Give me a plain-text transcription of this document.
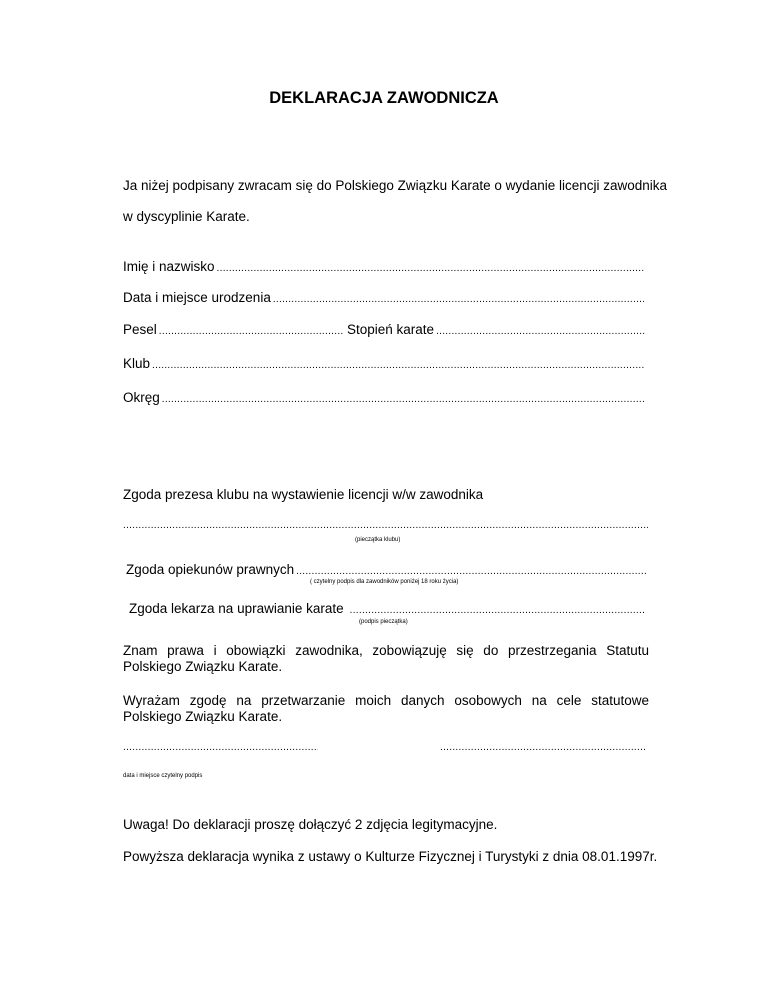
DEKLARACJA ZAWODNICZA
Ja niżej podpisany zwracam się do Polskiego Związku Karate o wydanie licencji zawodnika
w dyscyplinie Karate.
Imię i nazwisko
.....
Data i miejsce urodzenia
.....
Pesel
.....	Stopień karate
.....
Klub
.....
Okręg
.....
Zgoda prezesa klubu na wystawienie licencji w/w zawodnika
.....
(pieczątka klubu)
Zgoda opiekunów prawnych
.....
( czytelny podpis dla zawodników poniżej 18 roku życia)
Zgoda lekarza na uprawianie karate
.....
(podpis pieczątka)
Znam prawa i obowiązki zawodnika, zobowiązuję się do przestrzegania Statutu Polskiego Związku Karate.
Wyrażam zgodę na przetwarzanie moich danych osobowych na cele statutowe Polskiego Związku Karate.
.....
.....
data i miejsce czytelny podpis
Uwaga! Do deklaracji proszę dołączyć 2 zdjęcia legitymacyjne.
Powyższa deklaracja wynika z ustawy o Kulturze Fizycznej i Turystyki z dnia 08.01.1997r.
